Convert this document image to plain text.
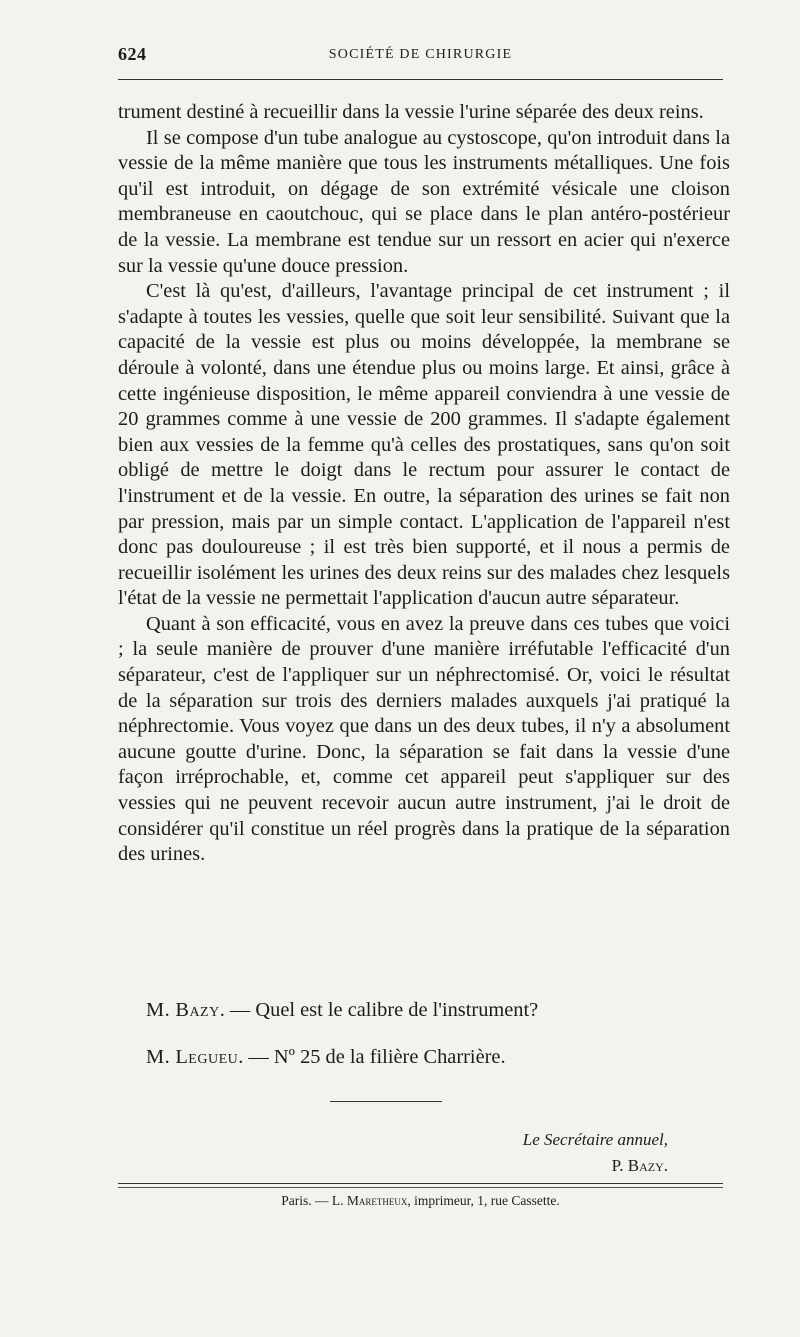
624	SOCIÉTÉ DE CHIRURGIE

trument destiné à recueillir dans la vessie l'urine séparée des deux reins.

Il se compose d'un tube analogue au cystoscope, qu'on introduit dans la vessie de la même manière que tous les instruments métalliques. Une fois qu'il est introduit, on dégage de son extrémité vésicale une cloison membraneuse en caoutchouc, qui se place dans le plan antéro-postérieur de la vessie. La membrane est tendue sur un ressort en acier qui n'exerce sur la vessie qu'une douce pression.

C'est là qu'est, d'ailleurs, l'avantage principal de cet instrument ; il s'adapte à toutes les vessies, quelle que soit leur sensibilité. Suivant que la capacité de la vessie est plus ou moins développée, la membrane se déroule à volonté, dans une étendue plus ou moins large. Et ainsi, grâce à cette ingénieuse disposition, le même appareil conviendra à une vessie de 20 grammes comme à une vessie de 200 grammes. Il s'adapte également bien aux vessies de la femme qu'à celles des prostatiques, sans qu'on soit obligé de mettre le doigt dans le rectum pour assurer le contact de l'instrument et de la vessie. En outre, la séparation des urines se fait non par pression, mais par un simple contact. L'application de l'appareil n'est donc pas douloureuse ; il est très bien supporté, et il nous a permis de recueillir isolément les urines des deux reins sur des malades chez lesquels l'état de la vessie ne permettait l'application d'aucun autre séparateur.

Quant à son efficacité, vous en avez la preuve dans ces tubes que voici ; la seule manière de prouver d'une manière irréfutable l'efficacité d'un séparateur, c'est de l'appliquer sur un néphrectomisé. Or, voici le résultat de la séparation sur trois des derniers malades auxquels j'ai pratiqué la néphrectomie. Vous voyez que dans un des deux tubes, il n'y a absolument aucune goutte d'urine. Donc, la séparation se fait dans la vessie d'une façon irréprochable, et, comme cet appareil peut s'appliquer sur des vessies qui ne peuvent recevoir aucun autre instrument, j'ai le droit de considérer qu'il constitue un réel progrès dans la pratique de la séparation des urines.

M. Bazy. — Quel est le calibre de l'instrument?
M. Legueu. — Nº 25 de la filière Charrière.
Le Secrétaire annuel,
P. Bazy.
Paris. — L. Maretheux, imprimeur, 1, rue Cassette.
